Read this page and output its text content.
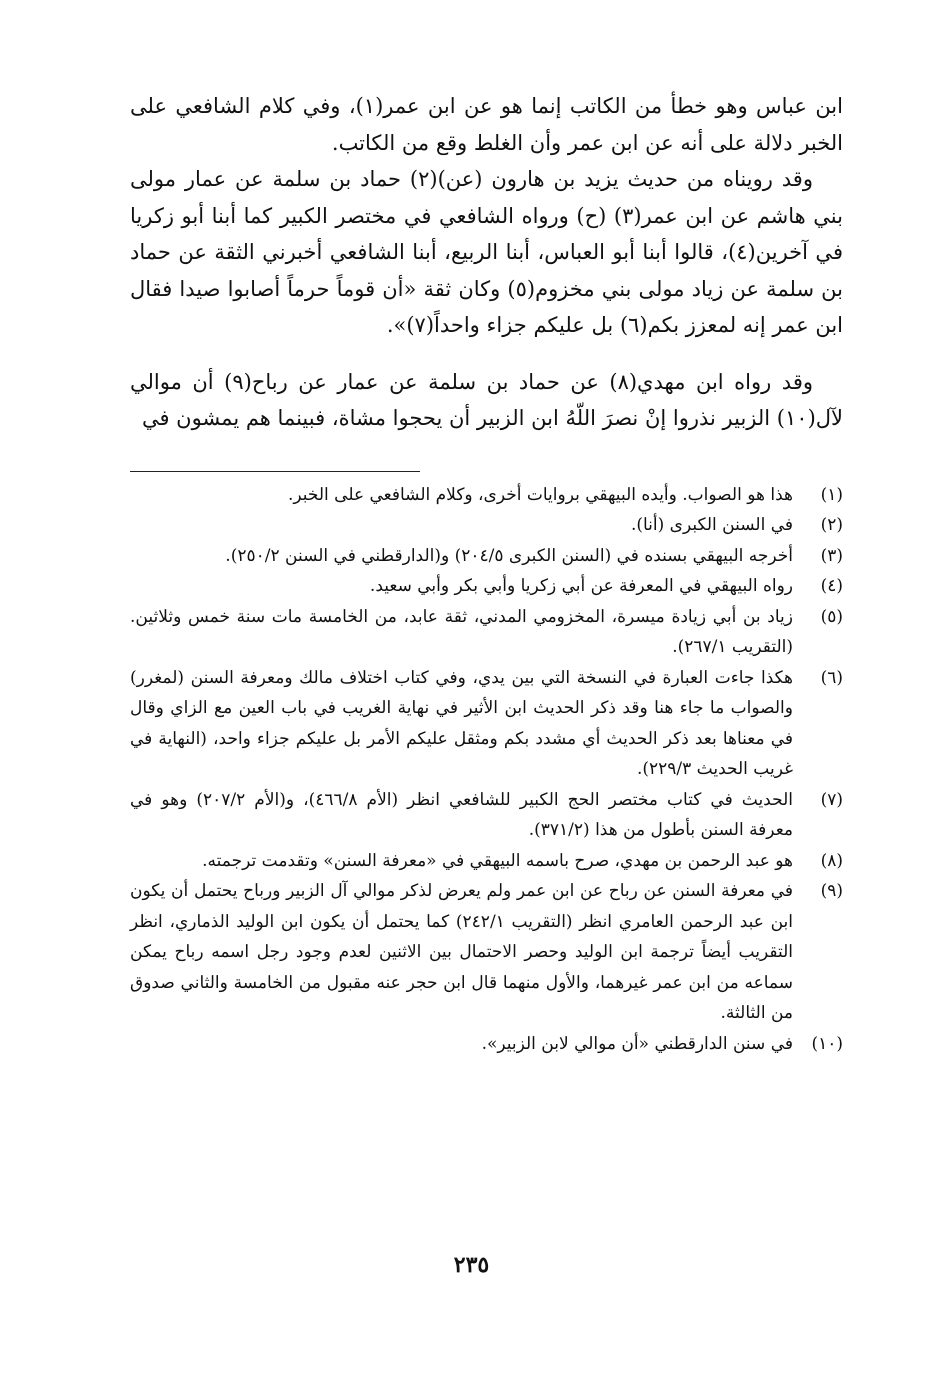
ابن عباس وهو خطأ من الكاتب إنما هو عن ابن عمر(١)، وفي كلام الشافعي على الخبر دلالة على أنه عن ابن عمر وأن الغلط وقع من الكاتب.

وقد رويناه من حديث يزيد بن هارون (عن)(٢) حماد بن سلمة عن عمار مولى بني هاشم عن ابن عمر(٣) (ح) ورواه الشافعي في مختصر الكبير كما أبنا أبو زكريا في آخرين(٤)، قالوا أبنا أبو العباس، أبنا الربيع، أبنا الشافعي أخبرني الثقة عن حماد بن سلمة عن زياد مولى بني مخزوم(٥) وكان ثقة «أن قوماً حرماً أصابوا صيدا فقال ابن عمر إنه لمعزز بكم(٦) بل عليكم جزاء واحداً(٧)».

وقد رواه ابن مهدي(٨) عن حماد بن سلمة عن عمار عن رباح(٩) أن موالي لآل(١٠) الزبير نذروا إنْ نصرَ اللّهُ ابن الزبير أن يحجوا مشاة، فبينما هم يمشون في

(١)
هذا هو الصواب. وأيده البيهقي بروايات أخرى، وكلام الشافعي على الخبر.
(٢)
في السنن الكبرى (أنا).
(٣)
أخرجه البيهقي بسنده في (السنن الكبرى ٢٠٤/٥) و(الدارقطني في السنن ٢٥٠/٢).
(٤)
رواه البيهقي في المعرفة عن أبي زكريا وأبي بكر وأبي سعيد.
(٥)
زياد بن أبي زيادة ميسرة، المخزومي المدني، ثقة عابد، من الخامسة مات سنة خمس وثلاثين. (التقريب ٢٦٧/١).
(٦)
هكذا جاءت العبارة في النسخة التي بين يدي، وفي كتاب اختلاف مالك ومعرفة السنن (لمغرر) والصواب ما جاء هنا وقد ذكر الحديث ابن الأثير في نهاية الغريب في باب العين مع الزاي وقال في معناها بعد ذكر الحديث أي مشدد بكم ومثقل عليكم الأمر بل عليكم جزاء واحد، (النهاية في غريب الحديث ٢٢٩/٣).
(٧)
الحديث في كتاب مختصر الحج الكبير للشافعي انظر (الأم ٤٦٦/٨)، و(الأم ٢٠٧/٢) وهو في معرفة السنن بأطول من هذا (٣٧١/٢).
(٨)
هو عبد الرحمن بن مهدي، صرح باسمه البيهقي في «معرفة السنن» وتقدمت ترجمته.
(٩)
في معرفة السنن عن رباح عن ابن عمر ولم يعرض لذكر موالي آل الزبير ورباح يحتمل أن يكون ابن عبد الرحمن العامري انظر (التقريب ٢٤٢/١) كما يحتمل أن يكون ابن الوليد الذماري، انظر التقريب أيضاً ترجمة ابن الوليد وحصر الاحتمال بين الاثنين لعدم وجود رجل اسمه رباح يمكن سماعه من ابن عمر غيرهما، والأول منهما قال ابن حجر عنه مقبول من الخامسة والثاني صدوق من الثالثة.
(١٠)
في سنن الدارقطني «أن موالي لابن الزبير».
٢٣٥
